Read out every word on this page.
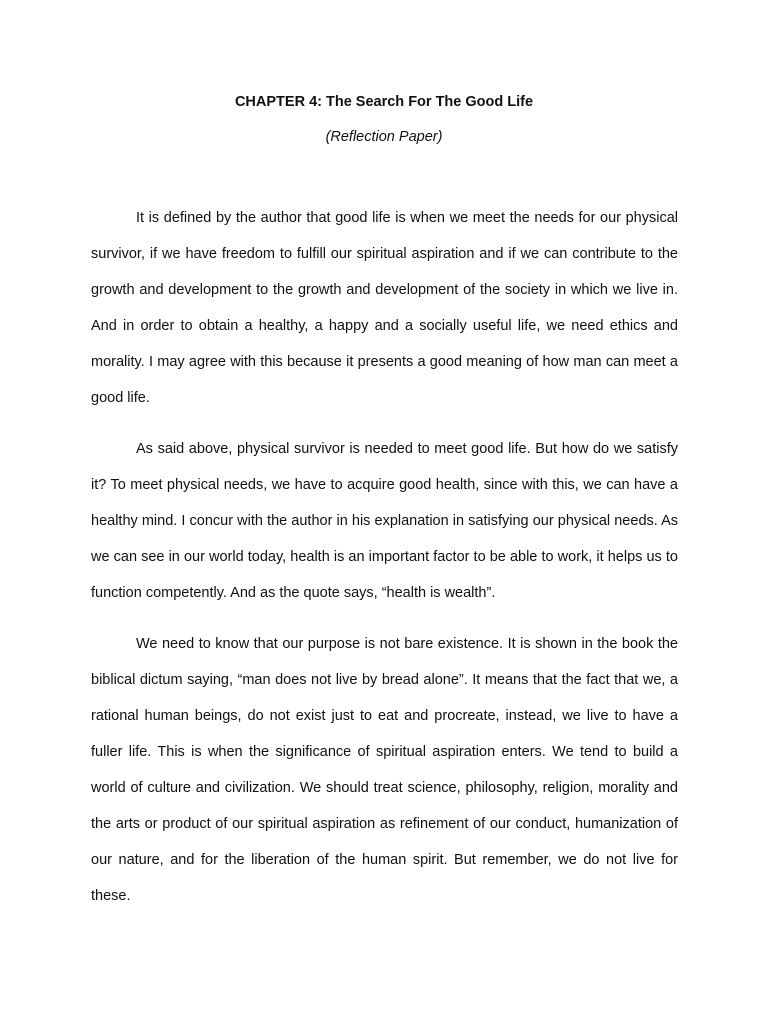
CHAPTER 4: The Search For The Good Life
(Reflection Paper)

It is defined by the author that good life is when we meet the needs for our physical survivor, if we have freedom to fulfill our spiritual aspiration and if we can contribute to the growth and development to the growth and development of the society in which we live in. And in order to obtain a healthy, a happy and a socially useful life, we need ethics and morality. I may agree with this because it presents a good meaning of how man can meet a good life.

As said above, physical survivor is needed to meet good life. But how do we satisfy it? To meet physical needs, we have to acquire good health, since with this, we can have a healthy mind. I concur with the author in his explanation in satisfying our physical needs. As we can see in our world today, health is an important factor to be able to work, it helps us to function competently. And as the quote says, “health is wealth”.

We need to know that our purpose is not bare existence. It is shown in the book the biblical dictum saying, “man does not live by bread alone”. It means that the fact that we, a rational human beings, do not exist just to eat and procreate, instead, we live to have a fuller life. This is when the significance of spiritual aspiration enters. We tend to build a world of culture and civilization. We should treat science, philosophy, religion, morality and the arts or product of our spiritual aspiration as refinement of our conduct, humanization of our nature, and for the liberation of the human spirit. But remember, we do not live for these.
